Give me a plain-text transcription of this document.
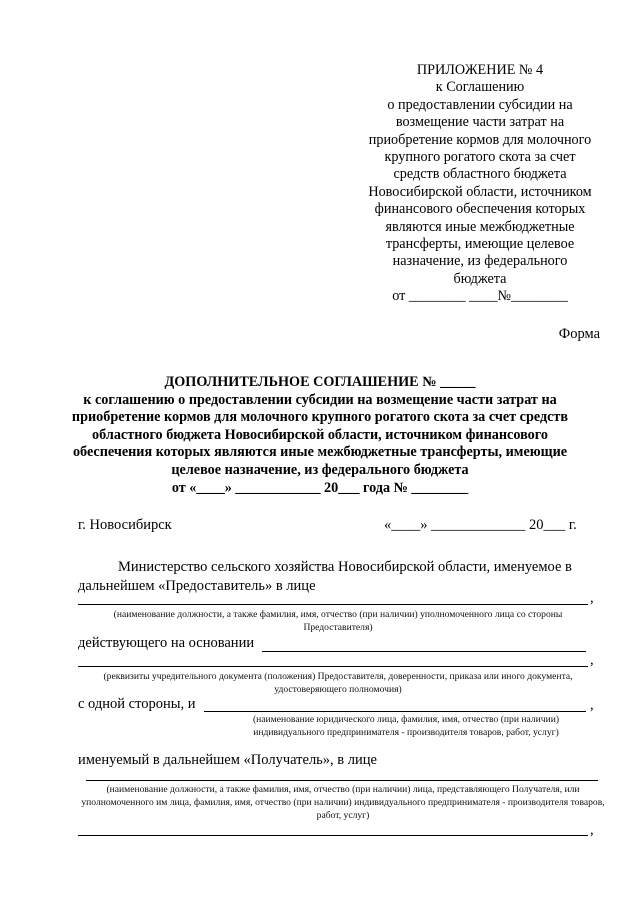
ПРИЛОЖЕНИЕ № 4
к Соглашению
о предоставлении субсидии на
возмещение части затрат на
приобретение кормов для молочного
крупного рогатого скота за счет
средств областного бюджета
Новосибирской области, источником
финансового обеспечения которых
являются иные межбюджетные
трансферты, имеющие целевое
назначение, из федерального
бюджета
от ________ ____№________
Форма
ДОПОЛНИТЕЛЬНОЕ СОГЛАШЕНИЕ № _____
к соглашению о предоставлении субсидии на возмещение части затрат на
приобретение кормов для молочного крупного рогатого скота за счет средств
областного бюджета Новосибирской области, источником финансового
обеспечения которых являются иные межбюджетные трансферты, имеющие
целевое назначение, из федерального бюджета
от «____» ____________ 20___ года № ________
г. Новосибирск	«____» _____________ 20___ г.
Министерство сельского хозяйства Новосибирской области, именуемое в дальнейшем «Предоставитель» в лице
,
(наименование должности, а также фамилия, имя, отчество (при наличии) уполномоченного лица со стороны Предоставителя)
действующего на основании
,
(реквизиты учредительного документа (положения) Предоставителя, доверенности, приказа или иного документа, удостоверяющего полномочия)
с одной стороны, и	,
(наименование юридического лица, фамилия, имя, отчество (при наличии) индивидуального предпринимателя - производителя товаров, работ, услуг)
именуемый в дальнейшем «Получатель», в лице
(наименование должности, а также фамилия, имя, отчество (при наличии) лица, представляющего Получателя, или уполномоченного им лица, фамилия, имя, отчество (при наличии) индивидуального предпринимателя - производителя товаров, работ, услуг)
,
